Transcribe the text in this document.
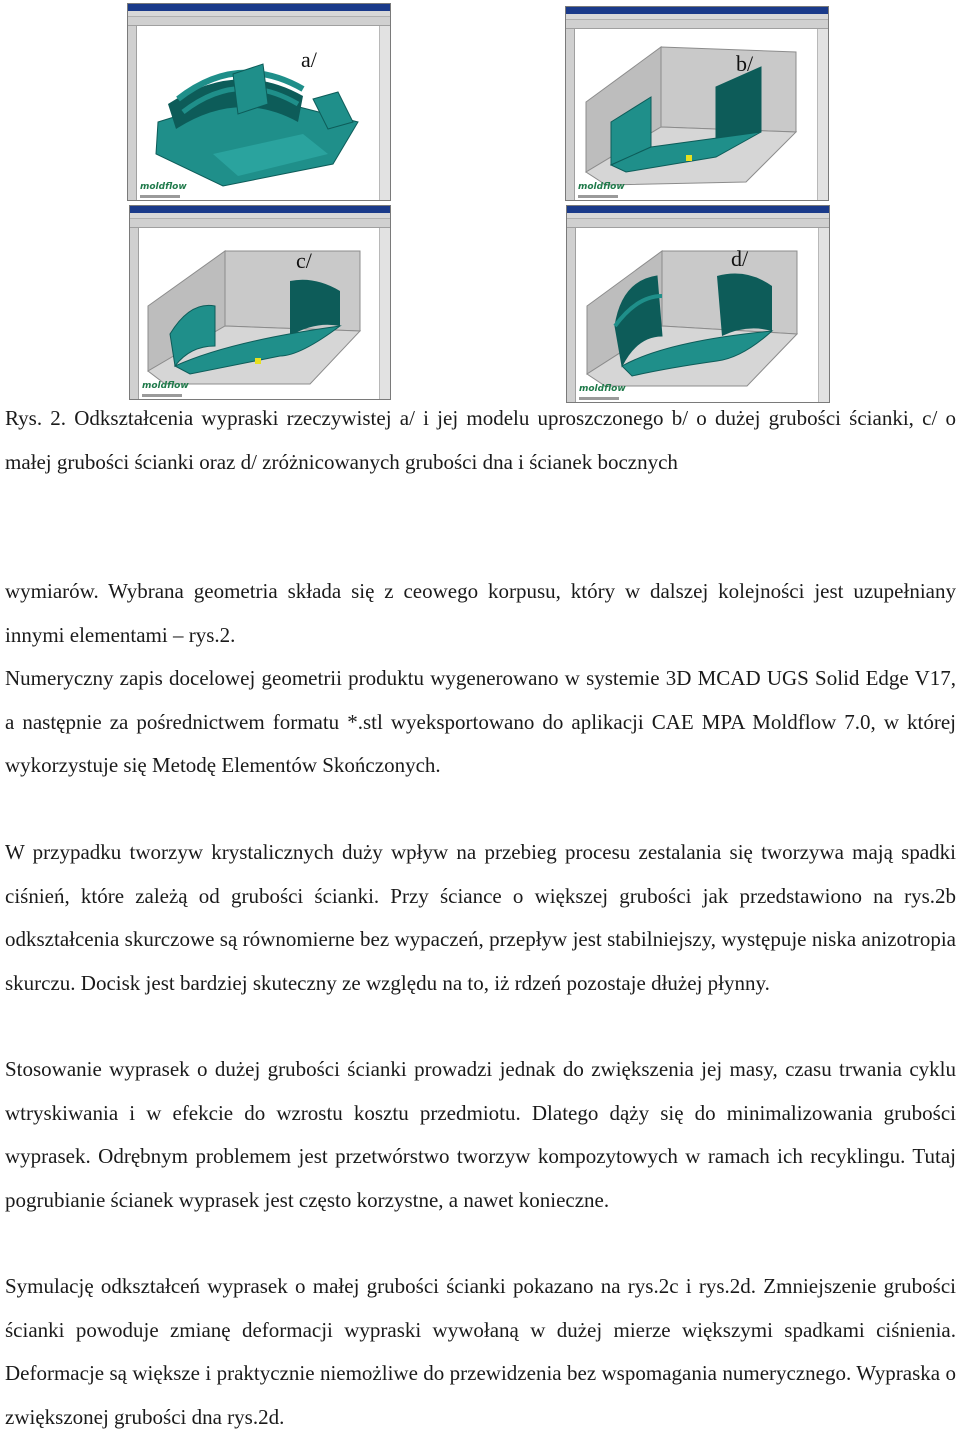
moldflow
a/
moldflow
b/
moldflow
c/
moldflow
d/

Rys. 2. Odkształcenia wypraski rzeczywistej a/ i jej modelu uproszczonego b/ o dużej grubości ścianki, c/ o małej grubości ścianki oraz d/ zróżnicowanych grubości dna i ścianek bocznych

wymiarów. Wybrana geometria składa się z ceowego korpusu, który w dalszej kolejności jest uzupełniany innymi elementami – rys.2.

Numeryczny zapis docelowej geometrii produktu wygenerowano w systemie 3D MCAD UGS Solid Edge V17, a następnie za pośrednictwem formatu *.stl wyeksportowano do aplikacji CAE MPA Moldflow 7.0, w której wykorzystuje się Metodę Elementów Skończonych.

W przypadku tworzyw krystalicznych duży wpływ na przebieg procesu zestalania się tworzywa mają spadki ciśnień, które zależą od grubości ścianki. Przy ściance o większej grubości jak przedstawiono na rys.2b odkształcenia skurczowe są równomierne bez wypaczeń, przepływ jest stabilniejszy, występuje niska anizotropia skurczu. Docisk jest bardziej skuteczny ze względu na to, iż rdzeń pozostaje dłużej płynny.

Stosowanie wyprasek o dużej grubości ścianki prowadzi jednak do zwiększenia jej masy, czasu trwania cyklu wtryskiwania i w efekcie do wzrostu kosztu przedmiotu. Dlatego dąży się do minimalizowania grubości wyprasek. Odrębnym problemem jest przetwórstwo tworzyw kompozytowych w ramach ich recyklingu. Tutaj pogrubianie ścianek wyprasek jest często korzystne, a nawet konieczne.

Symulację odkształceń wyprasek o małej grubości ścianki pokazano na rys.2c i rys.2d. Zmniejszenie grubości ścianki powoduje zmianę deformacji wypraski wywołaną w dużej mierze większymi spadkami ciśnienia. Deformacje są większe i praktycznie niemożliwe do przewidzenia bez wspomagania numerycznego. Wypraska o zwiększonej grubości dna rys.2d.
